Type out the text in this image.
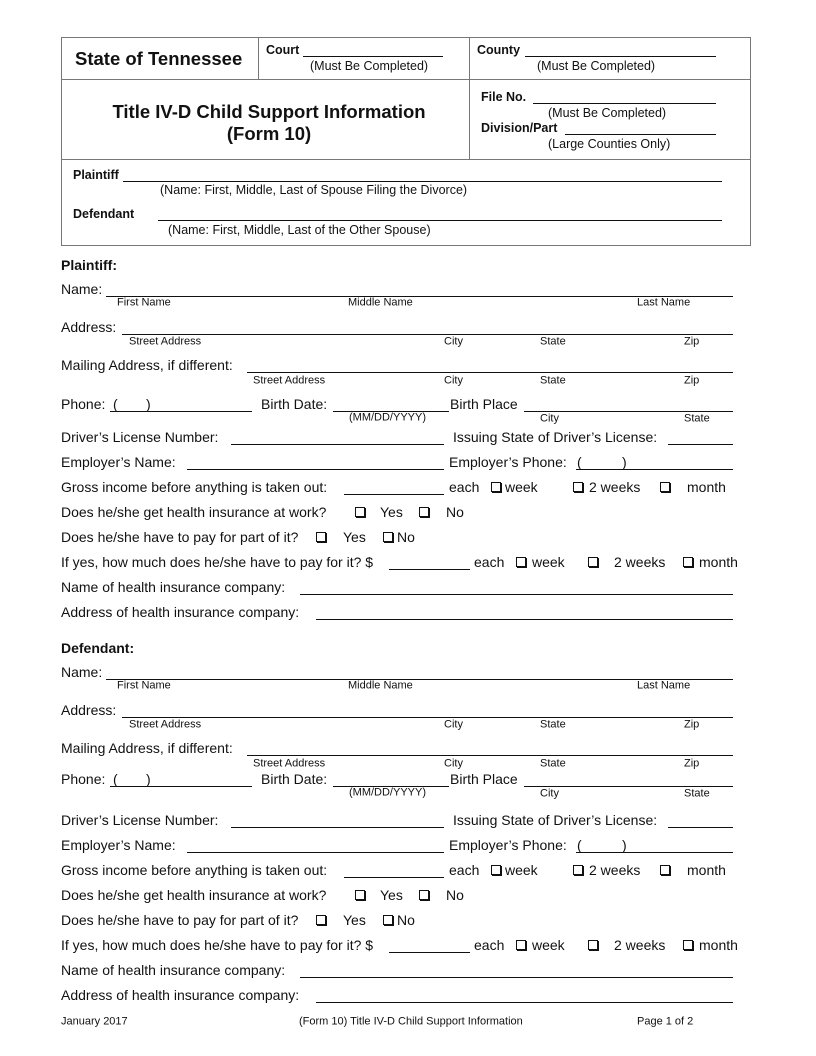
State of Tennessee Court
(Must Be Completed)
County
(Must Be Completed)
Title IV-D Child Support Information
(Form 10)
File No.
(Must Be Completed)
Division/Part
(Large Counties Only)
Plaintiff
(Name: First, Middle, Last of Spouse Filing the Divorce)
Defendant
(Name: First, Middle, Last of the Other Spouse)
Plaintiff:
Name:
First Name	Middle Name	Last Name
Address:
Street Address	City	State	Zip
Mailing Address, if different:
Street Address	City	State	Zip
Phone: ( )	Birth Date:	Birth Place
(MM/DD/YYYY)	City	State
Driver’s License Number:	Issuing State of Driver’s License:
Employer’s Name:	Employer’s Phone: (	)
Gross income before anything is taken out:	each week	2 weeks	month
Does he/she get health insurance at work?	Yes	No
Does he/she have to pay for part of it?	Yes No
If yes, how much does he/she have to pay for it? $	each week	2 weeks month
Name of health insurance company:
Address of health insurance company:
Defendant:
Name:
First Name	Middle Name	Last Name
Address:
Street Address	City	State	Zip
Mailing Address, if different:
Street Address	City	State	Zip
Phone: ( )	Birth Date:	Birth Place
(MM/DD/YYYY)	City	State
Driver’s License Number:	Issuing State of Driver’s License:
Employer’s Name:	Employer’s Phone: (	)
Gross income before anything is taken out:	each week	2 weeks	month
Does he/she get health insurance at work?	Yes	No
Does he/she have to pay for part of it?	Yes No
If yes, how much does he/she have to pay for it? $	each week	2 weeks month
Name of health insurance company:
Address of health insurance company:
January 2017	(Form 10) Title IV-D Child Support Information	Page 1 of 2
